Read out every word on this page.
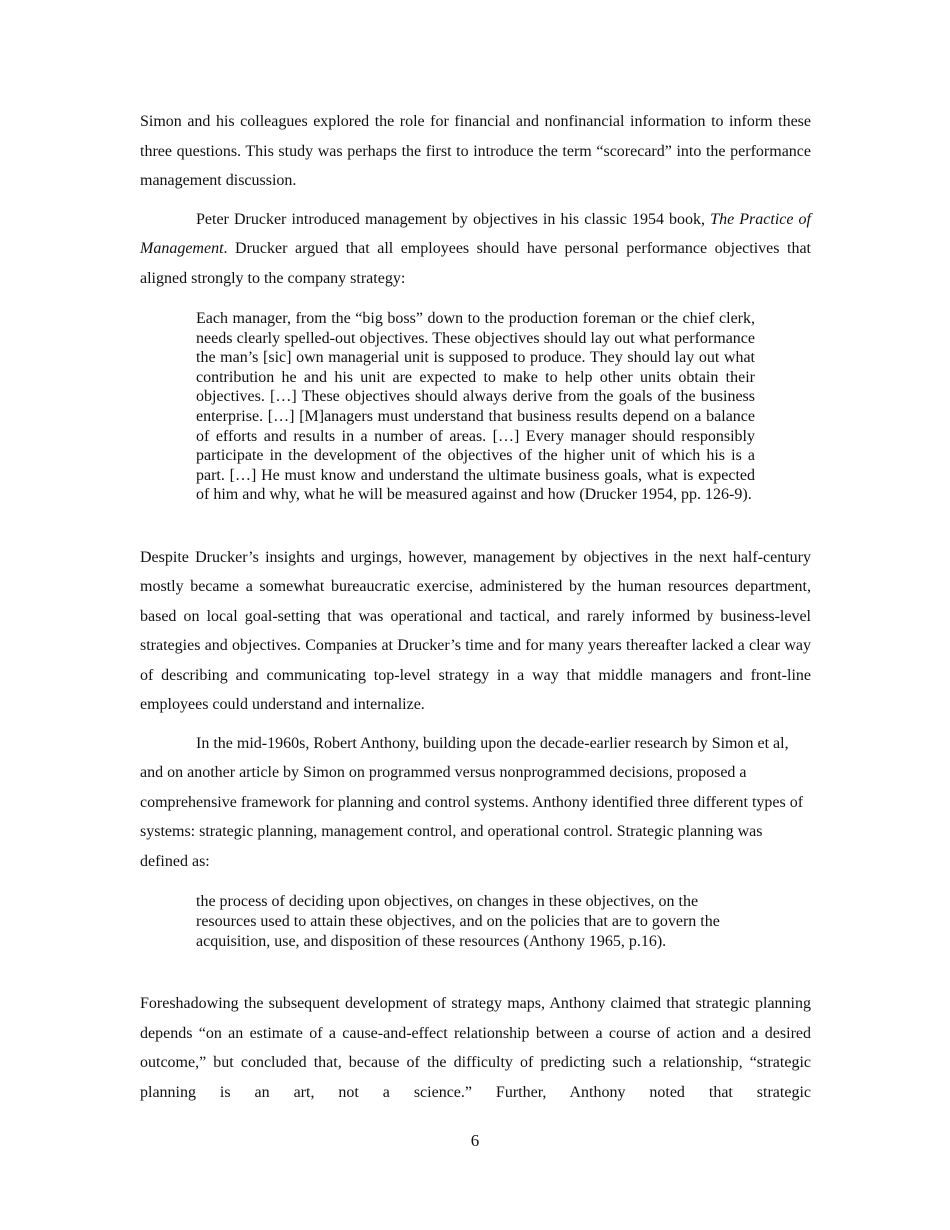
Simon and his colleagues explored the role for financial and nonfinancial information to inform these three questions. This study was perhaps the first to introduce the term “scorecard” into the performance management discussion.

Peter Drucker introduced management by objectives in his classic 1954 book, The Practice of Management. Drucker argued that all employees should have personal performance objectives that aligned strongly to the company strategy:

Each manager, from the “big boss” down to the production foreman or the chief clerk, needs clearly spelled-out objectives. These objectives should lay out what performance the man’s [sic] own managerial unit is supposed to produce. They should lay out what contribution he and his unit are expected to make to help other units obtain their objectives. […] These objectives should always derive from the goals of the business enterprise. […] [M]anagers must understand that business results depend on a balance of efforts and results in a number of areas. […] Every manager should responsibly participate in the development of the objectives of the higher unit of which his is a part. […] He must know and understand the ultimate business goals, what is expected of him and why, what he will be measured against and how (Drucker 1954, pp. 126-9).

Despite Drucker’s insights and urgings, however, management by objectives in the next half-century mostly became a somewhat bureaucratic exercise, administered by the human resources department, based on local goal-setting that was operational and tactical, and rarely informed by business-level strategies and objectives. Companies at Drucker’s time and for many years thereafter lacked a clear way of describing and communicating top-level strategy in a way that middle managers and front-line employees could understand and internalize.

In the mid-1960s, Robert Anthony, building upon the decade-earlier research by Simon et al, and on another article by Simon on programmed versus nonprogrammed decisions, proposed a comprehensive framework for planning and control systems. Anthony identified three different types of systems: strategic planning, management control, and operational control. Strategic planning was defined as:

the process of deciding upon objectives, on changes in these objectives, on the resources used to attain these objectives, and on the policies that are to govern the acquisition, use, and disposition of these resources (Anthony 1965, p.16).

Foreshadowing the subsequent development of strategy maps, Anthony claimed that strategic planning depends “on an estimate of a cause-and-effect relationship between a course of action and a desired outcome,” but concluded that, because of the difficulty of predicting such a relationship, “strategic planning is an art, not a science.” Further, Anthony noted that strategic

6
